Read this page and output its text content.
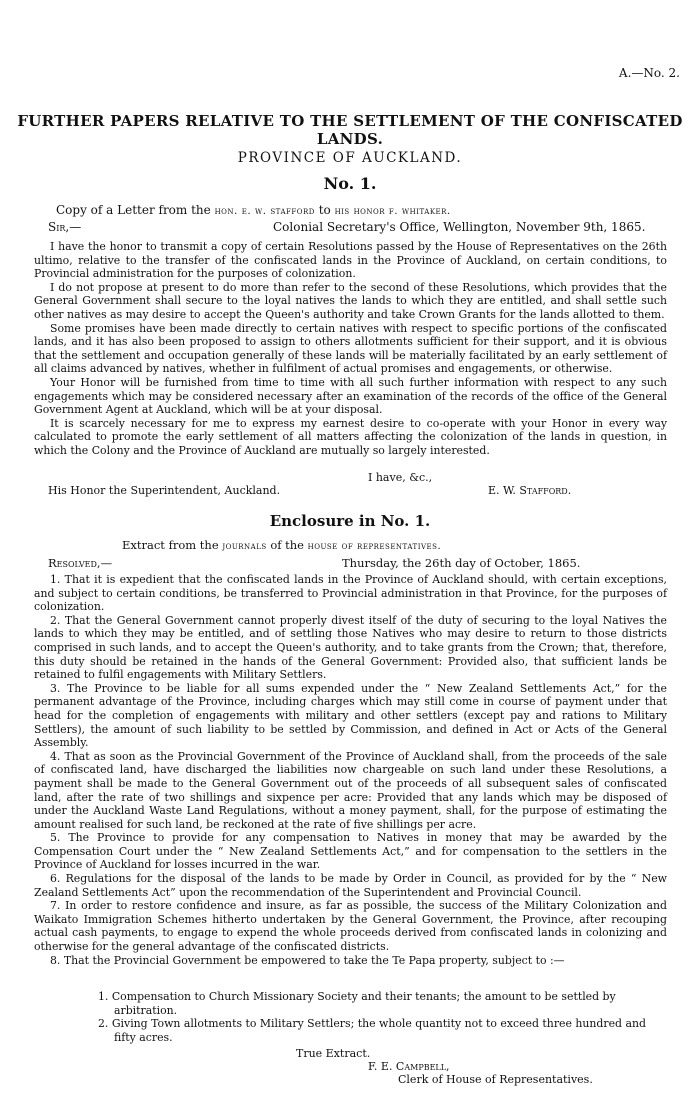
A.—No. 2.
FURTHER PAPERS RELATIVE TO THE SETTLEMENT OF THE CONFISCATED LANDS.
PROVINCE OF AUCKLAND.
No. 1.
Copy of a Letter from the hon. e. w. stafford to his honor f. whitaker.
Sir,—	Colonial Secretary's Office, Wellington, November 9th, 1865.

I have the honor to transmit a copy of certain Resolutions passed by the House of Representatives on the 26th ultimo, relative to the transfer of the confiscated lands in the Province of Auckland, on certain conditions, to Provincial administration for the purposes of colonization.

I do not propose at present to do more than refer to the second of these Resolutions, which provides that the General Government shall secure to the loyal natives the lands to which they are entitled, and shall settle such other natives as may desire to accept the Queen's authority and take Crown Grants for the lands allotted to them.

Some promises have been made directly to certain natives with respect to specific portions of the confiscated lands, and it has also been proposed to assign to others allotments sufficient for their support, and it is obvious that the settlement and occupation generally of these lands will be materially facilitated by an early settlement of all claims advanced by natives, whether in fulfilment of actual promises and engagements, or otherwise.

Your Honor will be furnished from time to time with all such further information with respect to any such engagements which may be considered necessary after an examination of the records of the office of the General Government Agent at Auckland, which will be at your disposal.

It is scarcely necessary for me to express my earnest desire to co-operate with your Honor in every way calculated to promote the early settlement of all matters affecting the colonization of the lands in question, in which the Colony and the Province of Auckland are mutually so largely interested.

I have, &c.,
His Honor the Superintendent, Auckland.	E. W. Stafford.
Enclosure in No. 1.
Extract from the journals of the house of representatives.
Resolved,—	Thursday, the 26th day of October, 1865.

1. That it is expedient that the confiscated lands in the Province of Auckland should, with certain exceptions, and subject to certain conditions, be transferred to Provincial administration in that Province, for the purposes of colonization.

2. That the General Government cannot properly divest itself of the duty of securing to the loyal Natives the lands to which they may be entitled, and of settling those Natives who may desire to return to those districts comprised in such lands, and to accept the Queen's authority, and to take grants from the Crown; that, therefore, this duty should be retained in the hands of the General Government: Provided also, that sufficient lands be retained to fulfil engagements with Military Settlers.

3. The Province to be liable for all sums expended under the “ New Zealand Settlements Act,” for the permanent advantage of the Province, including charges which may still come in course of payment under that head for the completion of engagements with military and other settlers (except pay and rations to Military Settlers), the amount of such liability to be settled by Commission, and defined in Act or Acts of the General Assembly.

4. That as soon as the Provincial Government of the Province of Auckland shall, from the proceeds of the sale of confiscated land, have discharged the liabilities now chargeable on such land under these Resolutions, a payment shall be made to the General Government out of the proceeds of all subsequent sales of confiscated land, after the rate of two shillings and sixpence per acre: Provided that any lands which may be disposed of under the Auckland Waste Land Regulations, without a money payment, shall, for the purpose of estimating the amount realised for such land, be reckoned at the rate of five shillings per acre.

5. The Province to provide for any compensation to Natives in money that may be awarded by the Compensation Court under the “ New Zealand Settlements Act,” and for compensation to the settlers in the Province of Auckland for losses incurred in the war.

6. Regulations for the disposal of the lands to be made by Order in Council, as provided for by the “ New Zealand Settlements Act” upon the recommendation of the Superintendent and Provincial Council.

7. In order to restore confidence and insure, as far as possible, the success of the Military Colonization and Waikato Immigration Schemes hitherto undertaken by the General Government, the Province, after recouping actual cash payments, to engage to expend the whole proceeds derived from confiscated lands in colonizing and otherwise for the general advantage of the confiscated districts.

8. That the Provincial Government be empowered to take the Te Papa property, subject to :—

1. Compensation to Church Missionary Society and their tenants; the amount to be settled by arbitration.

2. Giving Town allotments to Military Settlers; the whole quantity not to exceed three hundred and fifty acres.

True Extract.
F. E. Campbell,
Clerk of House of Representatives.
